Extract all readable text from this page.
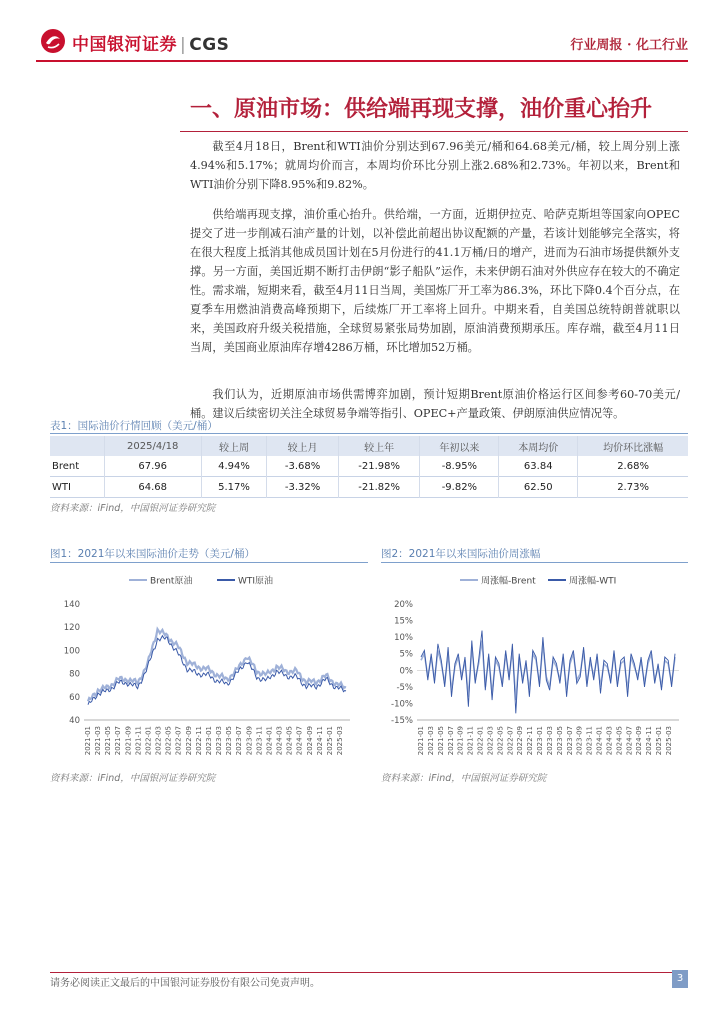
中国银河证券 | CGS	行业周报 · 化工行业
一、原油市场：供给端再现支撑，油价重心抬升
截至4月18日，Brent和WTI油价分别达到67.96美元/桶和64.68美元/桶，较上周分别上涨4.94%和5.17%；就周均价而言，本周均价环比分别上涨2.68%和2.73%。年初以来，Brent和WTI油价分别下降8.95%和9.82%。
供给端再现支撑，油价重心抬升。供给端，一方面，近期伊拉克、哈萨克斯坦等国家向OPEC提交了进一步削减石油产量的计划，以补偿此前超出协议配额的产量，若该计划能够完全落实，将在很大程度上抵消其他成员国计划在5月份进行的41.1万桶/日的增产，进而为石油市场提供额外支撑。另一方面，美国近期不断打击伊朗“影子船队”运作，未来伊朗石油对外供应存在较大的不确定性。需求端，短期来看，截至4月11日当周，美国炼厂开工率为86.3%，环比下降0.4个百分点，在夏季车用燃油消费高峰预期下，后续炼厂开工率将上回升。中期来看，自美国总统特朗普就职以来，美国政府升级关税措施，全球贸易紧张局势加剧，原油消费预期承压。库存端，截至4月11日当周，美国商业原油库存增4286万桶，环比增加52万桶。
我们认为，近期原油市场供需博弈加剧，预计短期Brent原油价格运行区间参考60-70美元/桶。建议后续密切关注全球贸易争端等指引、OPEC+产量政策、伊朗原油供应情况等。
表1：国际油价行情回顾（美元/桶）
	2025/4/18	较上周	较上月	较上年	年初以来	本周均价	均价环比涨幅
Brent	67.96	4.94%	-3.68%	-21.98%	-8.95%	63.84	2.68%
WTI	64.68	5.17%	-3.32%	-21.82%	-9.82%	62.50	2.73%
资料来源：iFind，中国银河证券研究院
图1：2021年以来国际油价走势（美元/桶）
Brent原油	WTI原油
40
60
80
100
120
140
2021-01 2021-03 2021-05 2021-07 2021-09 2021-11 2022-01 2022-03 2022-05 2022-07 2022-09 2022-11 2023-01 2023-03 2023-05 2023-07 2023-09 2023-11 2024-01 2024-03 2024-05 2024-07 2024-09 2024-11 2025-01 2025-03
资料来源：iFind，中国银河证券研究院
图2：2021年以来国际油价周涨幅
周涨幅-Brent	周涨幅-WTI
-15%
-10%
-5%
0%
5%
10%
15%
20%
2021-01 2021-03 2021-05 2021-07 2021-09 2021-11 2022-01 2022-03 2022-05 2022-07 2022-09 2022-11 2023-01 2023-03 2023-05 2023-07 2023-09 2023-11 2024-01 2024-03 2024-05 2024-07 2024-09 2024-11 2025-01 2025-03
资料来源：iFind，中国银河证券研究院
请务必阅读正文最后的中国银河证券股份有限公司免责声明。	3
